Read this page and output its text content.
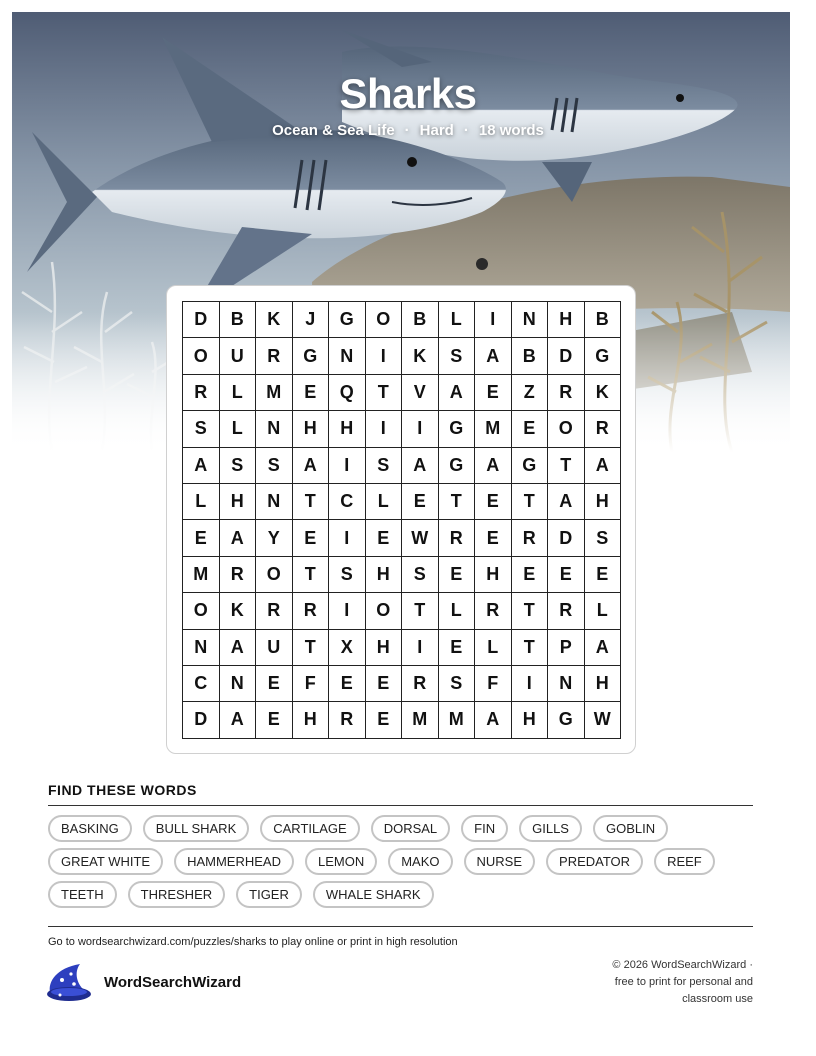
Sharks
Ocean & Sea Life · Hard · 18 words
D	B	K	J	G	O	B	L	I	N	H	B
O	U	R	G	N	I	K	S	A	B	D	G
R	L	M	E	Q	T	V	A	E	Z	R	K
S	L	N	H	H	I	I	G	M	E	O	R
A	S	S	A	I	S	A	G	A	G	T	A
L	H	N	T	C	L	E	T	E	T	A	H
E	A	Y	E	I	E	W	R	E	R	D	S
M	R	O	T	S	H	S	E	H	E	E	E
O	K	R	R	I	O	T	L	R	T	R	L
N	A	U	T	X	H	I	E	L	T	P	A
C	N	E	F	E	E	R	S	F	I	N	H
D	A	E	H	R	E	M	M	A	H	G	W
FIND THESE WORDS
BASKING	BULL SHARK	CARTILAGE	DORSAL	FIN	GILLS	GOBLIN
GREAT WHITE	HAMMERHEAD	LEMON	MAKO	NURSE	PREDATOR	REEF
TEETH	THRESHER	TIGER	WHALE SHARK
Go to wordsearchwizard.com/puzzles/sharks to play online or print in high resolution
WordSearchWizard
© 2026 WordSearchWizard ·
free to print for personal and
classroom use
